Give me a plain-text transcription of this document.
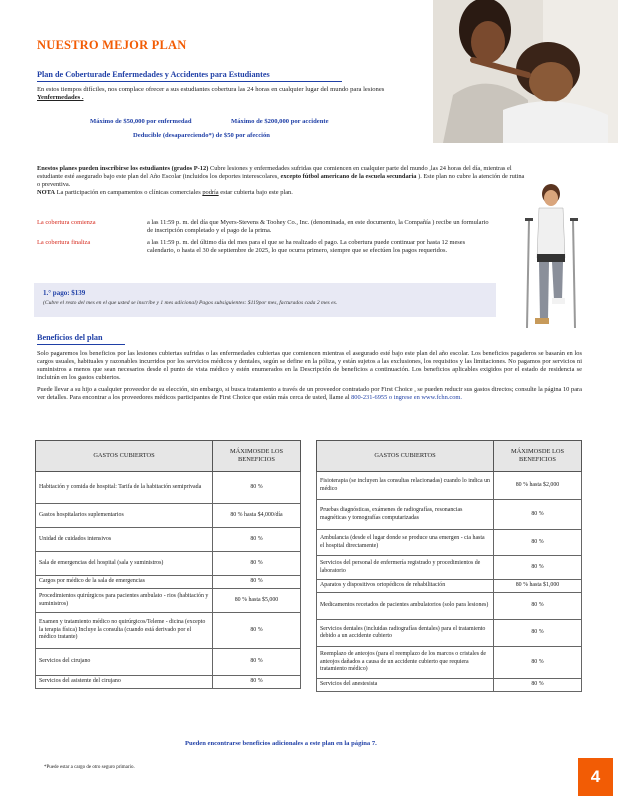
NUESTRO MEJOR PLAN
Plan de Coberturade Enfermedades y Accidentes para Estudiantes
En estos tiempos difíciles, nos complace ofrecer a sus estudiantes cobertura las 24 horas en cualquier lugar del mundo para lesiones Yenfermedades .
Máximo de $50,000 por enfermedad	Máximo de $200,000 por accidente
Deducible (desapareciendo*) de $50 por afección
Enestos planes pueden inscribirse los estudiantes (grados P-12) Cubre lesiones y enfermedades sufridas que comiencen en cualquier parte del mundo ,las 24 horas del día, mientras el estudiante esté asegurado bajo este plan del Año Escolar (incluidos los deportes interescolares, excepto fútbol americano de la escuela secundaria ). Este plan no cubre la atención de rutina o preventiva.
NOTA La participación en campamentos o clínicas comerciales podría estar cubierta bajo este plan.
La cobertura comienza	a las 11:59 p. m. del día que Myers-Stevens & Toohey Co., Inc. (denominada, en este documento, la Compañía ) recibe un formulario de inscripción completado y el pago de la prima.
La cobertura finaliza	a las 11:59 p. m. del último día del mes para el que se ha realizado el pago. La cobertura puede continuar por hasta 12 meses calendario, o hasta el 30 de septiembre de 2025, lo que ocurra primero, siempre que se efectúen los pagos requeridos.
1.° pago: $139
(Cubre el resto del mes en el que usted se inscribe y 1 mes adicional) Pagos subsiguientes: $119por mes, facturados cada 2 mes es.
Beneficios del plan

Solo pagaremos los beneficios por las lesiones cubiertas sufridas o las enfermedades cubiertas que comiencen mientras el asegurado esté bajo este plan del año escolar. Los beneficios pagaderos se basarán en los cargos usuales, habituales y razonables incurridos por los servicios médicos y dentales, según se define en la póliza, y están sujetos a las exclusiones, los requisitos y las limitaciones. No pagamos por servicios ni suministros a menos que sean necesarios desde el punto de vista médico y estén enumerados en la Descripción de beneficios a continuación. Los beneficios aplicables exigidos por el estado de residencia se incluirán en los gastos cubiertos.

Puede llevar a su hijo a cualquier proveedor de su elección, sin embargo, si busca tratamiento a través de un proveedor contratado por First Choice , se pueden reducir sus gastos directos; consulte la página 10 para ver detalles. Para encontrar a los proveedores médicos participantes de First Choice que están más cerca de usted, llame al 800-231-6955 o ingrese en www.fchn.com.

GASTOS CUBIERTOS	MÁXIMOSDE LOS BENEFICIOS
Habitación y comida de hospital: Tarifa de la habitación semiprivada	80 %
Gastos hospitalarios suplementarios	80 % hasta $4,000/día
Unidad de cuidados intensivos	80 %
Sala de emergencias del hospital (sala y suministros)	80 %
Cargos por médico de la sala de emergencias	80 %
Procedimientos quirúrgicos para pacientes ambulato - rios (habitación y suministros)	80 % hasta $5,000
Examen y tratamiento médico no quirúrgicos/Teleme - dicina (excepto la terapia física) Incluye la consulta (cuando está derivado por el médico tratante)	80 %
Servicios del cirujano	80 %
Servicios del asistente del cirujano	80 %
GASTOS CUBIERTOS	MÁXIMOSDE LOS BENEFICIOS
Fisioterapia (se incluyen las consultas relacionadas) cuando lo indica un médico	80 % hasta $2,000
Pruebas diagnósticas, exámenes de radiografías, resonancias magnéticas y tomografías computarizadas	80 %
Ambulancia (desde el lugar donde se produce una emergen - cia hasta el hospital directamente)	80 %
Servicios del personal de enfermería registrado y procedimientos de laboratorio	80 %
Aparatos y dispositivos ortopédicos de rehabilitación	80 % hasta $1,000
Medicamentos recetados de pacientes ambulatorios (solo para lesiones)	80 %
Servicios dentales (incluidas radiografías dentales) para el tratamiento debido a un accidente cubierto	80 %
Reemplazo de anteojos (para el reemplazo de los marcos o cristales de anteojos dañados a causa de un accidente cubierto que requiera tratamiento médico)	80 %
Servicios del anestesista	80 %
Pueden encontrarse beneficios adicionales a este plan en la página 7.
*Puede estar a cargo de otro seguro primario.	4
